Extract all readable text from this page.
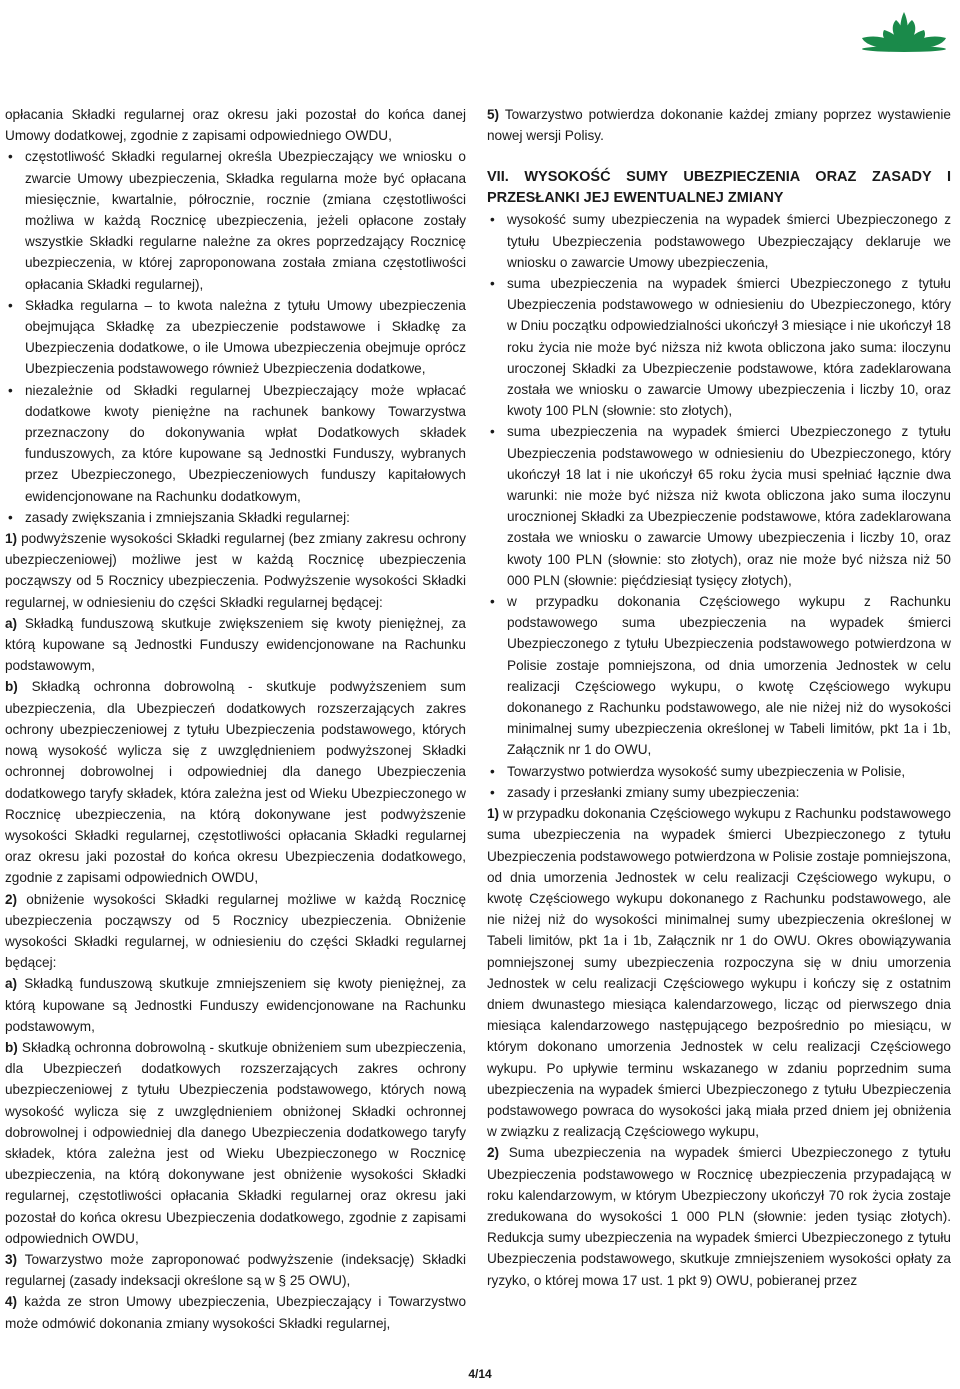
opłacania Składki regularnej oraz okresu jaki pozostał do końca danej Umowy dodatkowej, zgodnie z zapisami odpowiedniego OWDU,

• częstotliwość Składki regularnej określa Ubezpieczający we wniosku o zwarcie Umowy ubezpieczenia, Składka regularna może być opłacana miesięcznie, kwartalnie, półrocznie, rocznie (zmiana częstotliwości możliwa w każdą Rocznicę ubezpieczenia, jeżeli opłacone zostały wszystkie Składki regularne należne za okres poprzedzający Rocznicę ubezpieczenia, w której zaproponowana została zmiana częstotliwości opłacania Składki regularnej),

• Składka regularna – to kwota należna z tytułu Umowy ubezpieczenia obejmująca Składkę za ubezpieczenie podstawowe i Składkę za Ubezpieczenia dodatkowe, o ile Umowa ubezpieczenia obejmuje oprócz Ubezpieczenia podstawowego również Ubezpieczenia dodatkowe,

• niezależnie od Składki regularnej Ubezpieczający może wpłacać dodatkowe kwoty pieniężne na rachunek bankowy Towarzystwa przeznaczony do dokonywania wpłat Dodatkowych składek funduszowych, za które kupowane są Jednostki Funduszy, wybranych przez Ubezpieczonego, Ubezpieczeniowych funduszy kapitałowych ewidencjonowane na Rachunku dodatkowym,

• zasady zwiększania i zmniejszania Składki regularnej:

1) podwyższenie wysokości Składki regularnej (bez zmiany zakresu ochrony ubezpieczeniowej) możliwe jest w każdą Rocznicę ubezpieczenia począwszy od 5 Rocznicy ubezpieczenia. Podwyższenie wysokości Składki regularnej, w odniesieniu do części Składki regularnej będącej:

a) Składką funduszową skutkuje zwiększeniem się kwoty pieniężnej, za którą kupowane są Jednostki Funduszy ewidencjonowane na Rachunku podstawowym,

b) Składką ochronna dobrowolną - skutkuje podwyższeniem sum ubezpieczenia, dla Ubezpieczeń dodatkowych rozszerzających zakres ochrony ubezpieczeniowej z tytułu Ubezpieczenia podstawowego, których nową wysokość wylicza się z uwzględnieniem podwyższonej Składki ochronnej dobrowolnej i odpowiedniej dla danego Ubezpieczenia dodatkowego taryfy składek, która zależna jest od Wieku Ubezpieczonego w Rocznicę ubezpieczenia, na którą dokonywane jest podwyższenie wysokości Składki regularnej, częstotliwości opłacania Składki regularnej oraz okresu jaki pozostał do końca okresu Ubezpieczenia dodatkowego, zgodnie z zapisami odpowiednich OWDU,

2) obniżenie wysokości Składki regularnej możliwe w każdą Rocznicę ubezpieczenia począwszy od 5 Rocznicy ubezpieczenia. Obniżenie wysokości Składki regularnej, w odniesieniu do części Składki regularnej będącej:

a) Składką funduszową skutkuje zmniejszeniem się kwoty pieniężnej, za którą kupowane są Jednostki Funduszy ewidencjonowane na Rachunku podstawowym,

b) Składką ochronna dobrowolną - skutkuje obniżeniem sum ubezpieczenia, dla Ubezpieczeń dodatkowych rozszerzających zakres ochrony ubezpieczeniowej z tytułu Ubezpieczenia podstawowego, których nową wysokość wylicza się z uwzględnieniem obniżonej Składki ochronnej dobrowolnej i odpowiedniej dla danego Ubezpieczenia dodatkowego taryfy składek, która zależna jest od Wieku Ubezpieczonego w Rocznicę ubezpieczenia, na którą dokonywane jest obniżenie wysokości Składki regularnej, częstotliwości opłacania Składki regularnej oraz okresu jaki pozostał do końca okresu Ubezpieczenia dodatkowego, zgodnie z zapisami odpowiednich OWDU,

3) Towarzystwo może zaproponować podwyższenie (indeksację) Składki regularnej (zasady indeksacji określone są w § 25 OWU),

4) każda ze stron Umowy ubezpieczenia, Ubezpieczający i Towarzystwo może odmówić dokonania zmiany wysokości Składki regularnej,

5) Towarzystwo potwierdza dokonanie każdej zmiany poprzez wystawienie nowej wersji Polisy.

VII. WYSOKOŚĆ SUMY UBEZPIECZENIA ORAZ ZASADY I PRZESŁANKI JEJ EWENTUALNEJ ZMIANY

• wysokość sumy ubezpieczenia na wypadek śmierci Ubezpieczonego z tytułu Ubezpieczenia podstawowego Ubezpieczający deklaruje we wniosku o zawarcie Umowy ubezpieczenia,

• suma ubezpieczenia na wypadek śmierci Ubezpieczonego z tytułu Ubezpieczenia podstawowego w odniesieniu do Ubezpieczonego, który w Dniu początku odpowiedzialności ukończył 3 miesiące i nie ukończył 18 roku życia nie może być niższa niż kwota obliczona jako suma: iloczynu uroczonej Składki za Ubezpieczenie podstawowe, która zadeklarowana została we wniosku o zawarcie Umowy ubezpieczenia i liczby 10, oraz kwoty 100 PLN (słownie: sto złotych),

• suma ubezpieczenia na wypadek śmierci Ubezpieczonego z tytułu Ubezpieczenia podstawowego w odniesieniu do Ubezpieczonego, który ukończył 18 lat i nie ukończył 65 roku życia musi spełniać łącznie dwa warunki: nie może być niższa niż kwota obliczona jako suma iloczynu urocznionej Składki za Ubezpieczenie podstawowe, która zadeklarowana została we wniosku o zawarcie Umowy ubezpieczenia i liczby 10, oraz kwoty 100 PLN (słownie: sto złotych), oraz nie może być niższa niż 50 000 PLN (słownie: pięćdziesiąt tysięcy złotych),

• w przypadku dokonania Częściowego wykupu z Rachunku podstawowego suma ubezpieczenia na wypadek śmierci Ubezpieczonego z tytułu Ubezpieczenia podstawowego potwierdzona w Polisie zostaje pomniejszona, od dnia umorzenia Jednostek w celu realizacji Częściowego wykupu, o kwotę Częściowego wykupu dokonanego z Rachunku podstawowego, ale nie niżej niż do wysokości minimalnej sumy ubezpieczenia określonej w Tabeli limitów, pkt 1a i 1b, Załącznik nr 1 do OWU,

• Towarzystwo potwierdza wysokość sumy ubezpieczenia w Polisie,

• zasady i przesłanki zmiany sumy ubezpieczenia:

1) w przypadku dokonania Częściowego wykupu z Rachunku podstawowego suma ubezpieczenia na wypadek śmierci Ubezpieczonego z tytułu Ubezpieczenia podstawowego potwierdzona w Polisie zostaje pomniejszona, od dnia umorzenia Jednostek w celu realizacji Częściowego wykupu, o kwotę Częściowego wykupu dokonanego z Rachunku podstawowego, ale nie niżej niż do wysokości minimalnej sumy ubezpieczenia określonej w Tabeli limitów, pkt 1a i 1b, Załącznik nr 1 do OWU. Okres obowiązywania pomniejszonej sumy ubezpieczenia rozpoczyna się w dniu umorzenia Jednostek w celu realizacji Częściowego wykupu i kończy się z ostatnim dniem dwunastego miesiąca kalendarzowego, licząc od pierwszego dnia miesiąca kalendarzowego następującego bezpośrednio po miesiącu, w którym dokonano umorzenia Jednostek w celu realizacji Częściowego wykupu. Po upływie terminu wskazanego w zdaniu poprzednim suma ubezpieczenia na wypadek śmierci Ubezpieczonego z tytułu Ubezpieczenia podstawowego powraca do wysokości jaką miała przed dniem jej obniżenia w związku z realizacją Częściowego wykupu,

2) Suma ubezpieczenia na wypadek śmierci Ubezpieczonego z tytułu Ubezpieczenia podstawowego w Rocznicę ubezpieczenia przypadającą w roku kalendarzowym, w którym Ubezpieczony ukończył 70 rok życia zostaje zredukowana do wysokości 1 000 PLN (słownie: jeden tysiąc złotych). Redukcja sumy ubezpieczenia na wypadek śmierci Ubezpieczonego z tytułu Ubezpieczenia podstawowego, skutkuje zmniejszeniem wysokości opłaty za ryzyko, o której mowa 17 ust. 1 pkt 9) OWU, pobieranej przez

4/14
